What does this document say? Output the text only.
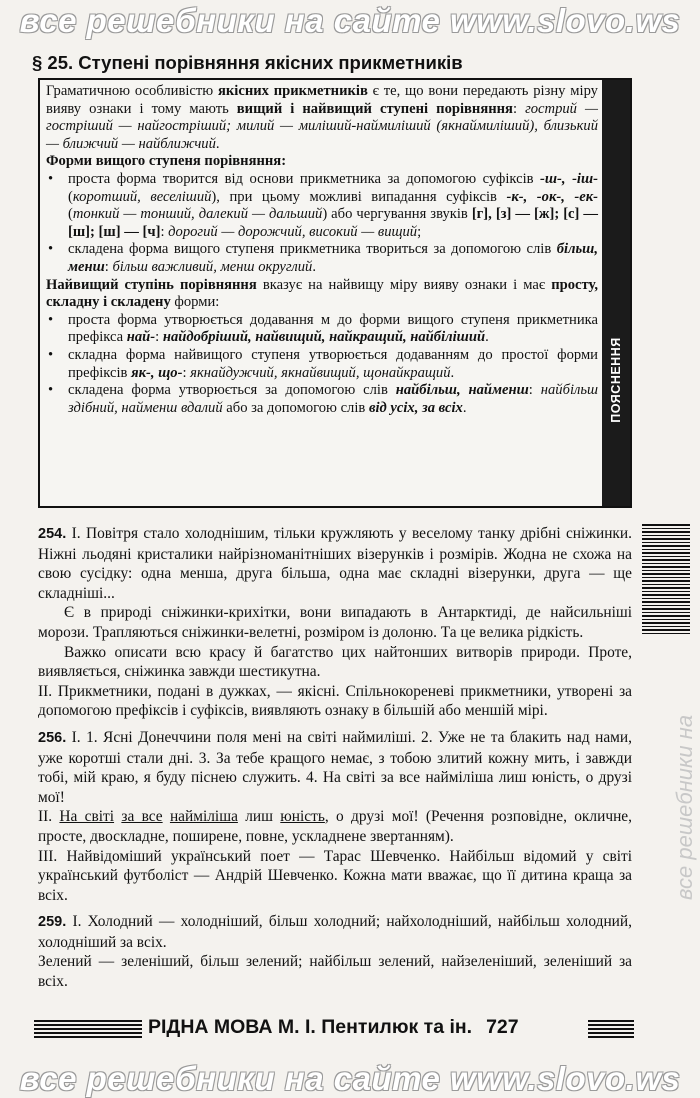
все решебники на сайте www.slovo.ws
§ 25. Ступені порівняння якісних прикметників

Граматичною особливістю якісних прикметників є те, що вони передають різну міру вияву ознаки і тому мають вищий і найвищий ступені порівняння: гострий — гостріший — найгостріший; милий — миліший-наймиліший (якнаймиліший), близький — ближчий — найближчий.

Форми вищого ступеня порівняння:

• проста форма творится від основи прикметника за допомогою суфіксів -ш-, -іш- (коротший, веселіший), при цьому можливі випадання суфіксів -к-, -ок-, -ек- (тонкий — тонший, далекий — дальший) або чергування звуків [г], [з] — [ж]; [с] — [ш]; [ш] — [ч]: дорогий — дорожчий, високий — вищий;
• складена форма вищого ступеня прикметника твориться за допомогою слів більш, менш: більш важливий, менш округлий.

Найвищий ступінь порівняння вказує на найвищу міру вияву ознаки і має просту, складну і складену форми:

• проста форма утворюється додавання м до форми вищого ступеня прикметника префікса най-: найдобріший, найвищий, найкращий, найбіліший.
• складна форма найвищого ступеня утворюється додаванням до простої форми префіксів як-, що-: якнайдужчий, якнайвищий, щонайкращий.
• складена форма утворюється за допомогою слів найбільш, найменш: найбільш здібний, найменш вдалий або за допомогою слів від усіх, за всіх.	ПОЯСНЕННЯ

254. І. Повітря стало холоднішим, тільки кружляють у веселому танку дрібні сніжинки. Ніжні льодяні кристалики найрізноманітніших візерунків і розмірів. Жодна не схожа на свою сусідку: одна менша, друга більша, одна має складні візерунки, друга — ще складніші...

Є в природі сніжинки-крихітки, вони випадають в Антарктиді, де найсильніші морози. Трапляються сніжинки-велетні, розміром із долоню. Та це велика рідкість.

Важко описати всю красу й багатство цих найтонших витворів природи. Проте, виявляється, сніжинка завжди шестикутна.

ІІ. Прикметники, подані в дужках, — якісні. Спільнокореневі прикметники, утворені за допомогою префіксів і суфіксів, виявляють ознаку в більшій або меншій мірі.

256. І. 1. Ясні Донеччини поля мені на світі наймиліші. 2. Уже не та блакить над нами, уже коротші стали дні. 3. За тебе кращого немає, з тобою злитий кожну мить, і завжди тобі, мій краю, я буду піснею служить. 4. На світі за все найміліша лиш юність, о друзі мої!

ІІ. На світі за все найміліша лиш юність, о друзі мої! (Речення розповідне, окличне, просте, двоскладне, поширене, повне, ускладнене звертанням).

ІІІ. Найвідоміший український поет — Тарас Шевченко. Найбільш відомий у світі український футболіст — Андрій Шевченко. Кожна мати вважає, що її дитина краща за всіх.

259. І. Холодний — холодніший, більш холодний; найхолодніший, найбільш холодний, холодніший за всіх.

Зелений — зеленіший, більш зелений; найбільш зелений, найзеленіший, зеленіший за всіх.

все решебники на
РІДНА МОВА М. І. Пентилюк та ін. 727
все решебники на сайте www.slovo.ws
